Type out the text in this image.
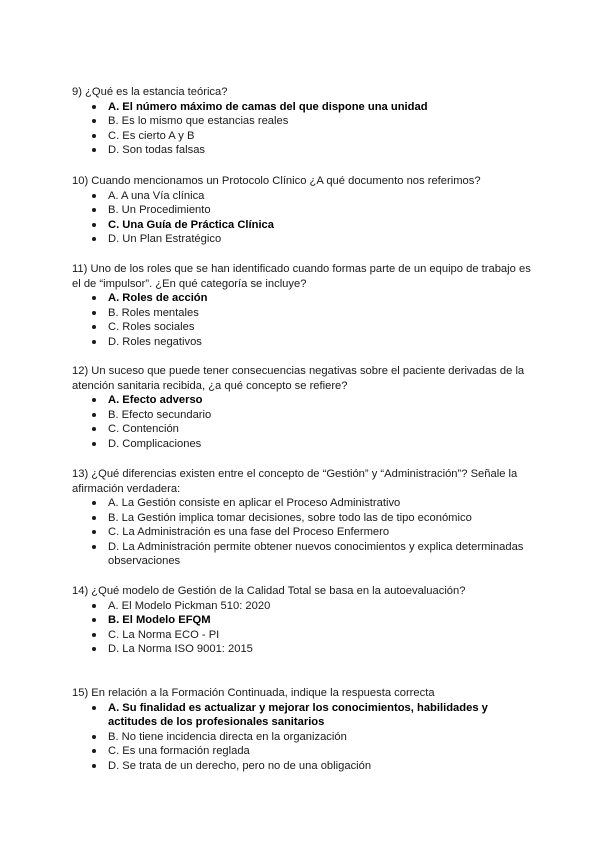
9) ¿Qué es la estancia teórica?

A. El número máximo de camas del que dispone una unidad
B. Es lo mismo que estancias reales
C. Es cierto A y B
D. Son todas falsas

10) Cuando mencionamos un Protocolo Clínico ¿A qué documento nos referimos?

A. A una Vía clínica
B. Un Procedimiento
C. Una Guía de Práctica Clínica
D. Un Plan Estratégico

11) Uno de los roles que se han identificado cuando formas parte de un equipo de trabajo es el de “impulsor”. ¿En qué categoría se incluye?

A. Roles de acción
B. Roles mentales
C. Roles sociales
D. Roles negativos

12) Un suceso que puede tener consecuencias negativas sobre el paciente derivadas de la atención sanitaria recibida, ¿a qué concepto se refiere?

A. Efecto adverso
B. Efecto secundario
C. Contención
D. Complicaciones

13) ¿Qué diferencias existen entre el concepto de “Gestión” y “Administración”? Señale la afirmación verdadera:

A. La Gestión consiste en aplicar el Proceso Administrativo
B. La Gestión implica tomar decisiones, sobre todo las de tipo económico
C. La Administración es una fase del Proceso Enfermero
D. La Administración permite obtener nuevos conocimientos y explica determinadas observaciones

14) ¿Qué modelo de Gestión de la Calidad Total se basa en la autoevaluación?

A. El Modelo Pickman 510: 2020
B. El Modelo EFQM
C. La Norma ECO - PI
D. La Norma ISO 9001: 2015

15) En relación a la Formación Continuada, indique la respuesta correcta

A. Su finalidad es actualizar y mejorar los conocimientos, habilidades y actitudes de los profesionales sanitarios
B. No tiene incidencia directa en la organización
C. Es una formación reglada
D. Se trata de un derecho, pero no de una obligación
